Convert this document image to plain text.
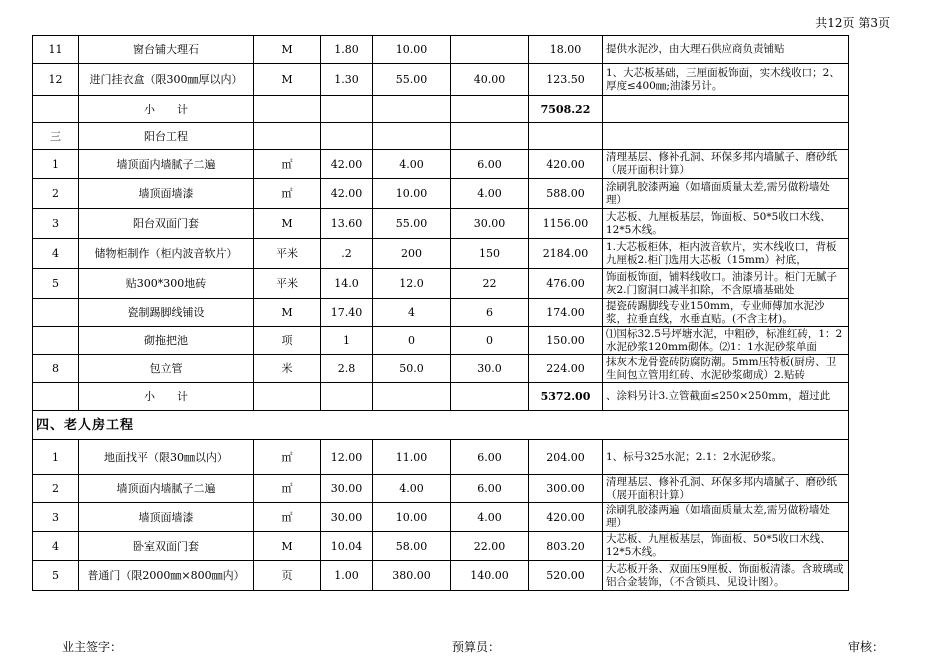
共12页 第3页
11	窗台铺大理石	M	1.80	10.00		18.00	提供水泥沙，由大理石供应商负责铺贴
12	进门挂衣盒（限300㎜厚以内）	M	1.30	55.00	40.00	123.50	1、大芯板基础，三厘面板饰面，实木线收口；2、厚度≤400㎜;油漆另计。
	小　　计					7508.22	
三	阳台工程						
1	墙顶面内墙腻子二遍	㎡	42.00	4.00	6.00	420.00	清理基层、修补孔洞、环保多邦内墙腻子、磨砂纸（展开面积计算）
2	墙顶面墙漆	㎡	42.00	10.00	4.00	588.00	涂刷乳胶漆两遍（如墙面质量太差,需另做粉墙处理）
3	阳台双面门套	M	13.60	55.00	30.00	1156.00	大芯板、九厘板基层，饰面板、50*5收口木线、12*5木线。
4	储物柜制作（柜内波音软片）	平米	.2	200	150	2184.00	1.大芯板柜体，柜内波音软片，实木线收口，背板九厘板2.柜门选用大芯板（15mm）衬底，
5	贴300*300地砖	平米	14.0	12.0	22	476.00	饰面板饰面，铺料线收口。油漆另计。柜门无腻子灰2.门窗洞口减半扣除，不含原墙基础处
	瓷制踢脚线铺设	M	17.40	4	6	174.00	提瓷砖踢脚线专业150mm，专业师傅加水泥沙浆，拉垂直线，水垂直贴。(不含主材)。
	砌拖把池	项	1	0	0	150.00	⑴国标32.5号坪塘水泥，中粗砂，标准红砖，1：2水泥砂浆120mm砌体。⑵1：1水泥砂浆单面
8	包立管	米	2.8	50.0	30.0	224.00	抹灰木龙骨瓷砖防腐防潮。5mm压特板(厨房、卫生间包立管用红砖、水泥砂浆砌成）2.贴砖
	小　　计					5372.00	、涂料另计3.立管截面≤250×250mm，超过此
四、老人房工程							
1	地面找平（限30㎜以内）	㎡	12.00	11.00	6.00	204.00	1、标号325水泥；2.1：2水泥砂浆。
2	墙顶面内墙腻子二遍	㎡	30.00	4.00	6.00	300.00	清理基层、修补孔洞、环保多邦内墙腻子、磨砂纸（展开面积计算）
3	墙顶面墙漆	㎡	30.00	10.00	4.00	420.00	涂刷乳胶漆两遍（如墙面质量太差,需另做粉墙处理）
4	卧室双面门套	M	10.04	58.00	22.00	803.20	大芯板、九厘板基层，饰面板、50*5收口木线、12*5木线。
5	普通门（限2000㎜×800㎜内）	页	1.00	380.00	140.00	520.00	大芯板开条、双面压9厘板、饰面板清漆。含玻璃或铝合金装饰，（不含锁具、见设计图）。
业主签字：	预算员：	审核：
